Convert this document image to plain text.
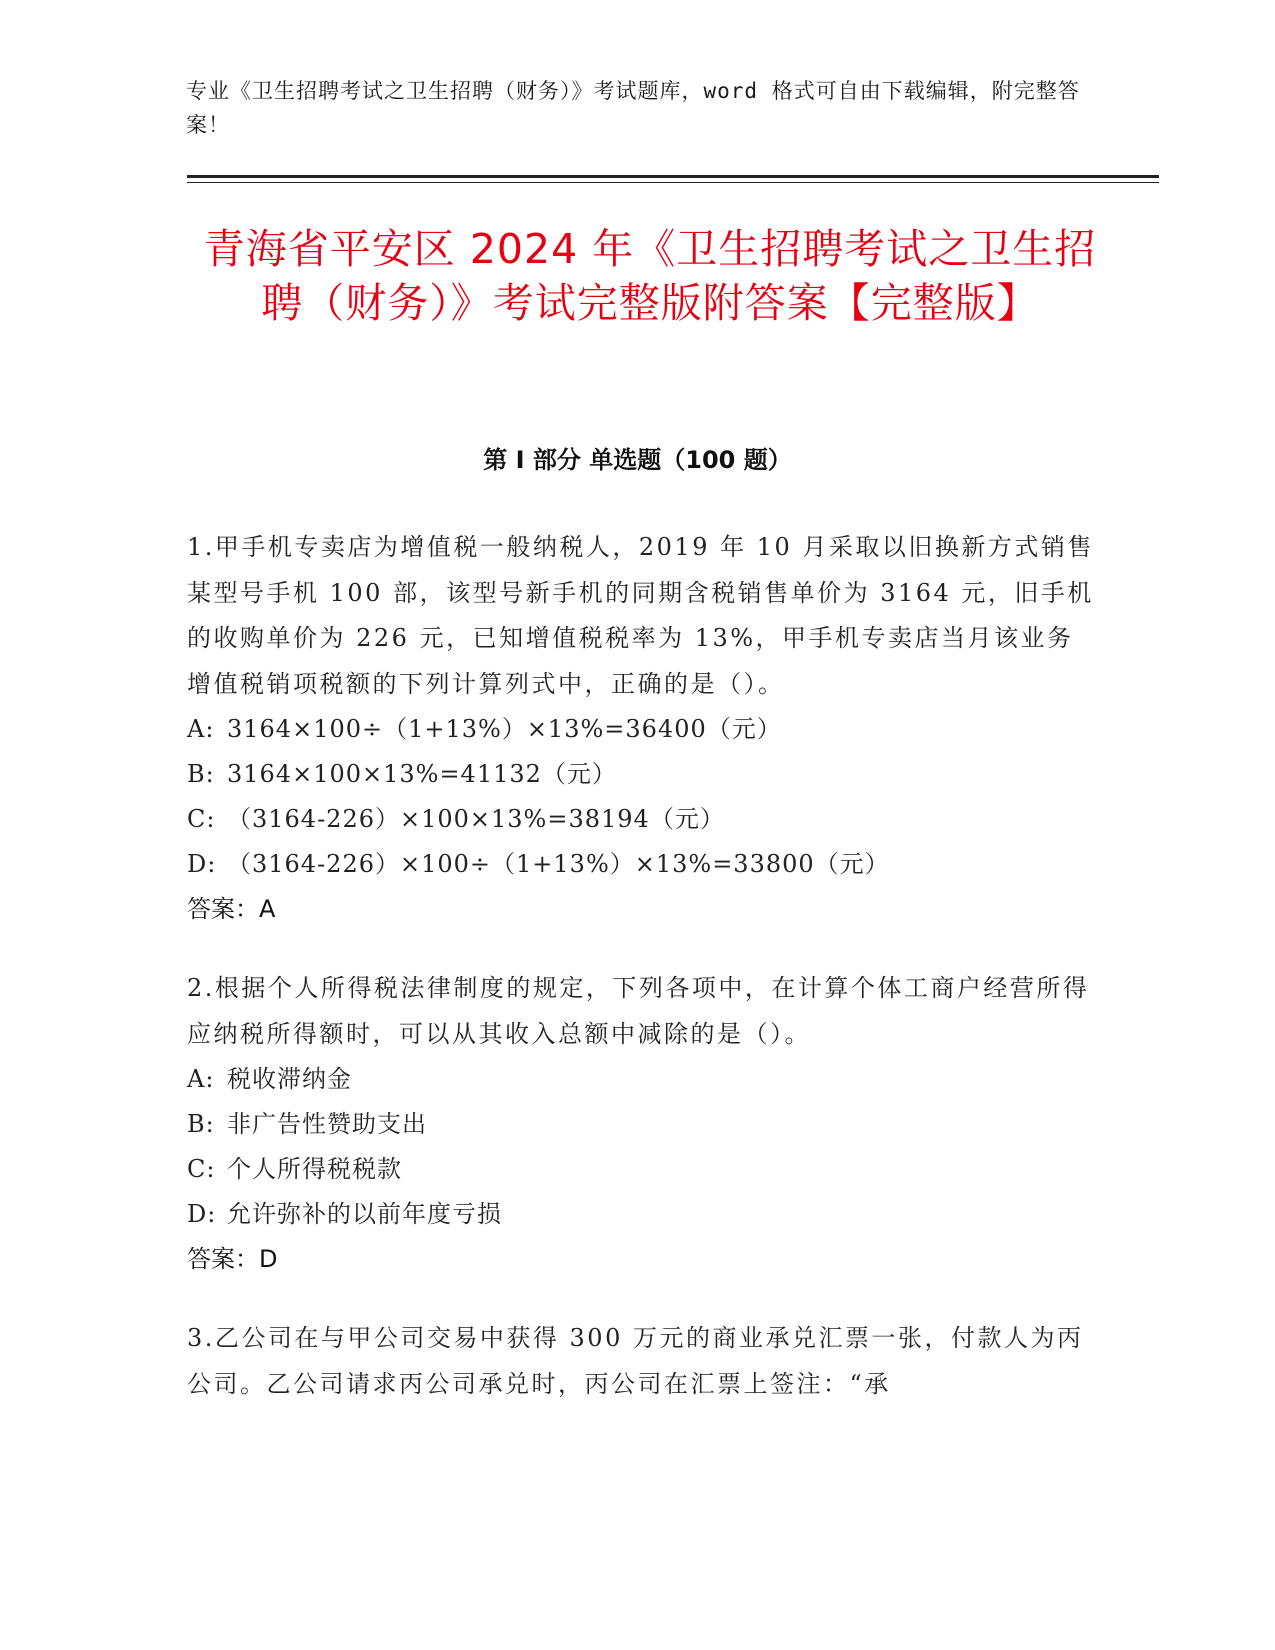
专业《卫生招聘考试之卫生招聘（财务）》考试题库，word 格式可自由下载编辑，附完整答案！
青海省平安区 2024 年《卫生招聘考试之卫生招聘（财务）》考试完整版附答案【完整版】
第 I 部分 单选题（100 题）
1.甲手机专卖店为增值税一般纳税人，2019 年 10 月采取以旧换新方式销售某型号手机 100 部，该型号新手机的同期含税销售单价为 3164 元，旧手机的收购单价为 226 元，已知增值税税率为 13%，甲手机专卖店当月该业务增值税销项税额的下列计算列式中，正确的是（）。
A: 3164×100÷（1+13%）×13%=36400（元）
B: 3164×100×13%=41132（元）
C: （3164-226）×100×13%=38194（元）
D: （3164-226）×100÷（1+13%）×13%=33800（元）
答案：A
2.根据个人所得税法律制度的规定，下列各项中，在计算个体工商户经营所得应纳税所得额时，可以从其收入总额中减除的是（）。
A: 税收滞纳金
B: 非广告性赞助支出
C: 个人所得税税款
D: 允许弥补的以前年度亏损
答案：D
3.乙公司在与甲公司交易中获得 300 万元的商业承兑汇票一张，付款人为丙公司。乙公司请求丙公司承兑时，丙公司在汇票上签注：“承
